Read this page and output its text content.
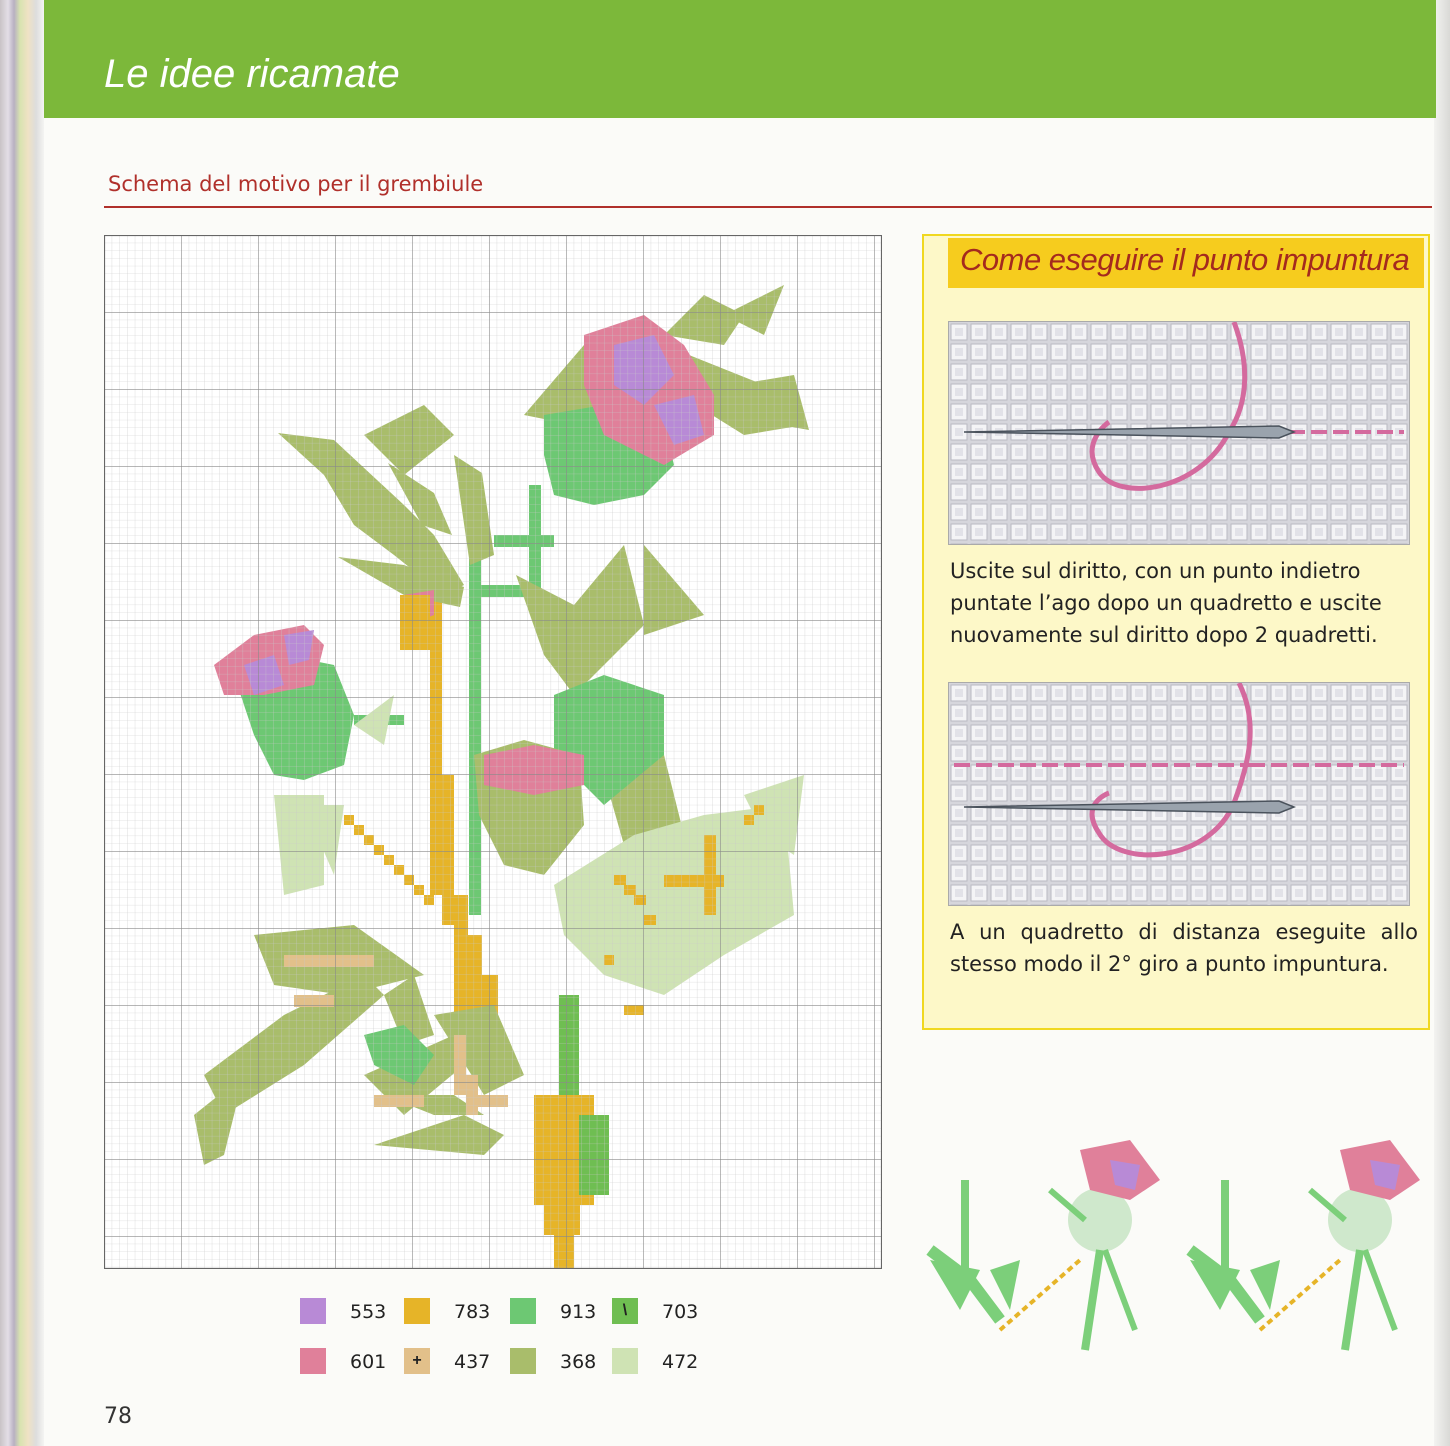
Le idee ricamate
Schema del motivo per il grembiule
553
601
783
+ 437
913
368
\ 703
472
78
Come eseguire il punto impuntura
Uscite sul diritto, con un punto indietro
puntate l’ago dopo un quadretto e uscite
nuovamente sul diritto dopo 2 quadretti.
A un quadretto di distanza eseguite allo
stesso modo il 2° giro a punto impuntura.
